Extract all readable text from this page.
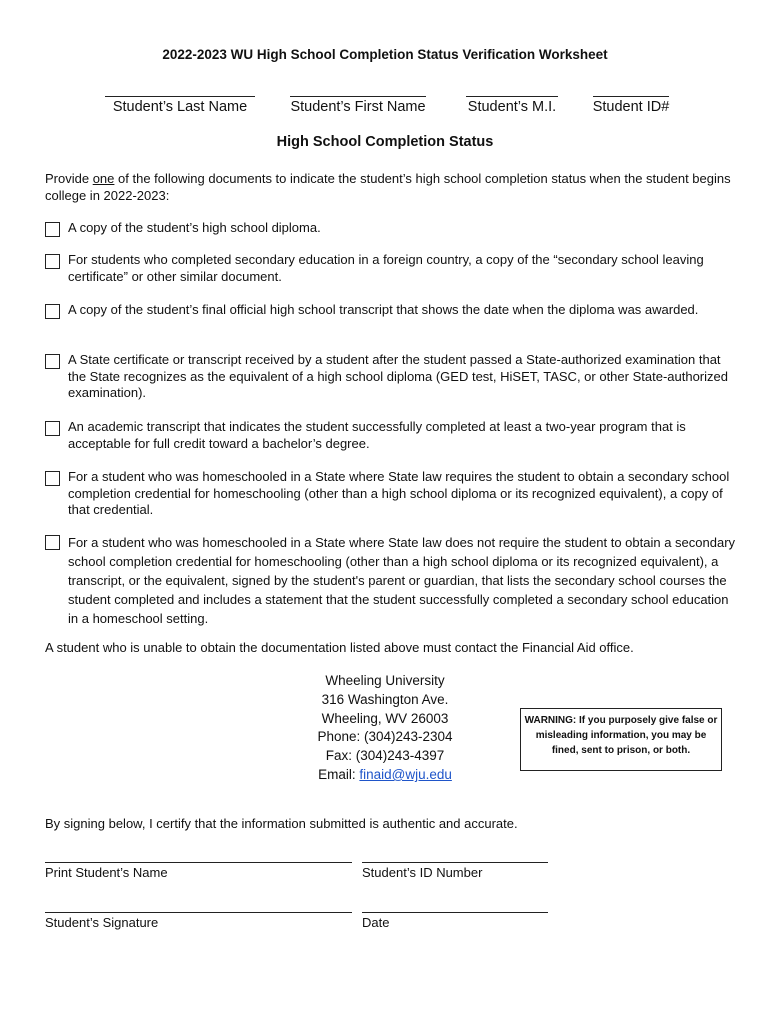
2022-2023 WU High School Completion Status Verification Worksheet
Student’s Last Name	Student’s First Name	Student’s M.I.	Student ID#
High School Completion Status
Provide one of the following documents to indicate the student’s high school completion status when the student begins college in 2022-2023:
A copy of the student’s high school diploma.
For students who completed secondary education in a foreign country, a copy of the “secondary school leaving certificate” or other similar document.
A copy of the student’s final official high school transcript that shows the date when the diploma was awarded.
A State certificate or transcript received by a student after the student passed a State-authorized examination that the State recognizes as the equivalent of a high school diploma (GED test, HiSET, TASC, or other State-authorized examination).
An academic transcript that indicates the student successfully completed at least a two-year program that is acceptable for full credit toward a bachelor’s degree.
For a student who was homeschooled in a State where State law requires the student to obtain a secondary school completion credential for homeschooling (other than a high school diploma or its recognized equivalent), a copy of that credential.
For a student who was homeschooled in a State where State law does not require the student to obtain a secondary school completion credential for homeschooling (other than a high school diploma or its recognized equivalent), a transcript, or the equivalent, signed by the student's parent or guardian, that lists the secondary school courses the student completed and includes a statement that the student successfully completed a secondary school education in a homeschool setting.
A student who is unable to obtain the documentation listed above must contact the Financial Aid office.
Wheeling University
316 Washington Ave.
Wheeling, WV 26003
Phone: (304)243-2304
Fax: (304)243-4397
Email: finaid@wju.edu
WARNING: If you purposely give false or misleading information, you may be fined, sent to prison, or both.
By signing below, I certify that the information submitted is authentic and accurate.
Print Student’s Name	Student’s ID Number
Student’s Signature	Date
